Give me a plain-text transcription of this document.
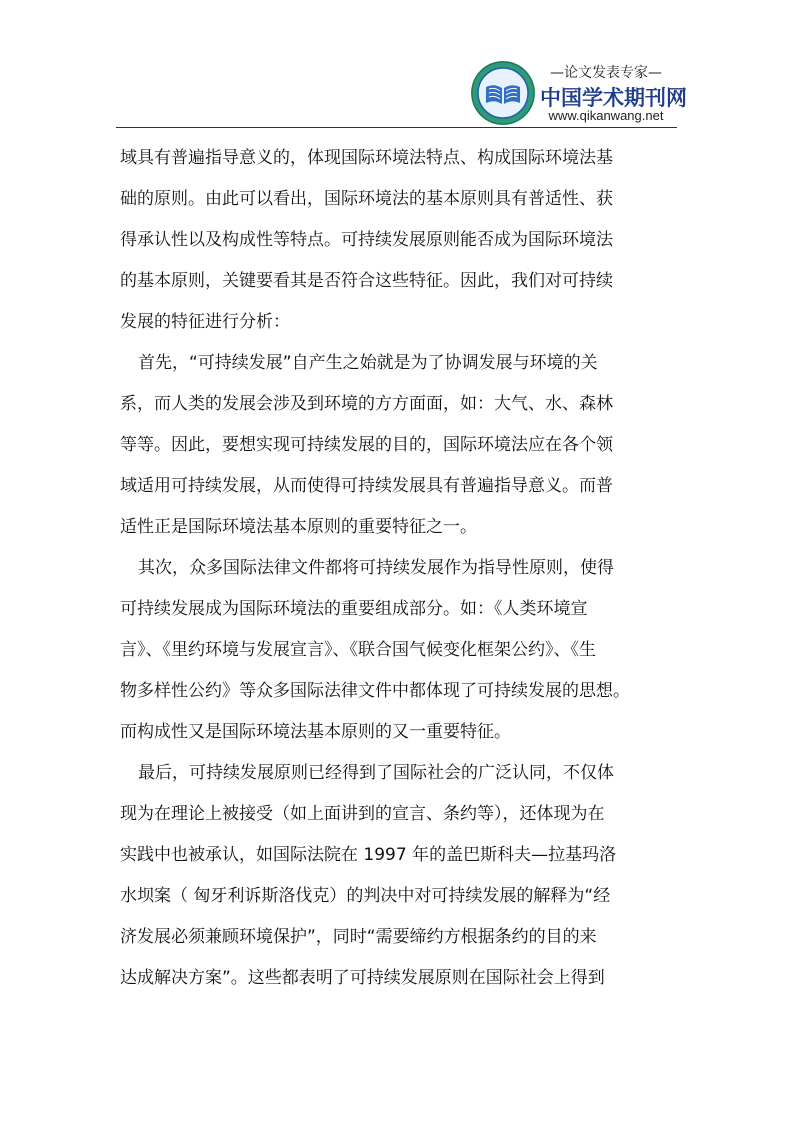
—论文发表专家—
中国学术期刊网
www.qikanwang.net
域具有普遍指导意义的，体现国际环境法特点、构成国际环境法基
础的原则。由此可以看出，国际环境法的基本原则具有普适性、获
得承认性以及构成性等特点。可持续发展原则能否成为国际环境法
的基本原则，关键要看其是否符合这些特征。因此，我们对可持续
发展的特征进行分析：
首先，“可持续发展”自产生之始就是为了协调发展与环境的关
系，而人类的发展会涉及到环境的方方面面，如：大气、水、森林
等等。因此，要想实现可持续发展的目的，国际环境法应在各个领
域适用可持续发展，从而使得可持续发展具有普遍指导意义。而普
适性正是国际环境法基本原则的重要特征之一。
其次，众多国际法律文件都将可持续发展作为指导性原则，使得
可持续发展成为国际环境法的重要组成部分。如：《人类环境宣
言》、《里约环境与发展宣言》、《联合国气候变化框架公约》、《生
物多样性公约》等众多国际法律文件中都体现了可持续发展的思想。
而构成性又是国际环境法基本原则的又一重要特征。
最后，可持续发展原则已经得到了国际社会的广泛认同，不仅体
现为在理论上被接受（如上面讲到的宣言、条约等），还体现为在
实践中也被承认，如国际法院在 1997 年的盖巴斯科夫—拉基玛洛
水坝案（ 匈牙利诉斯洛伐克）的判决中对可持续发展的解释为“经
济发展必须兼顾环境保护”，同时“需要缔约方根据条约的目的来
达成解决方案”。这些都表明了可持续发展原则在国际社会上得到
